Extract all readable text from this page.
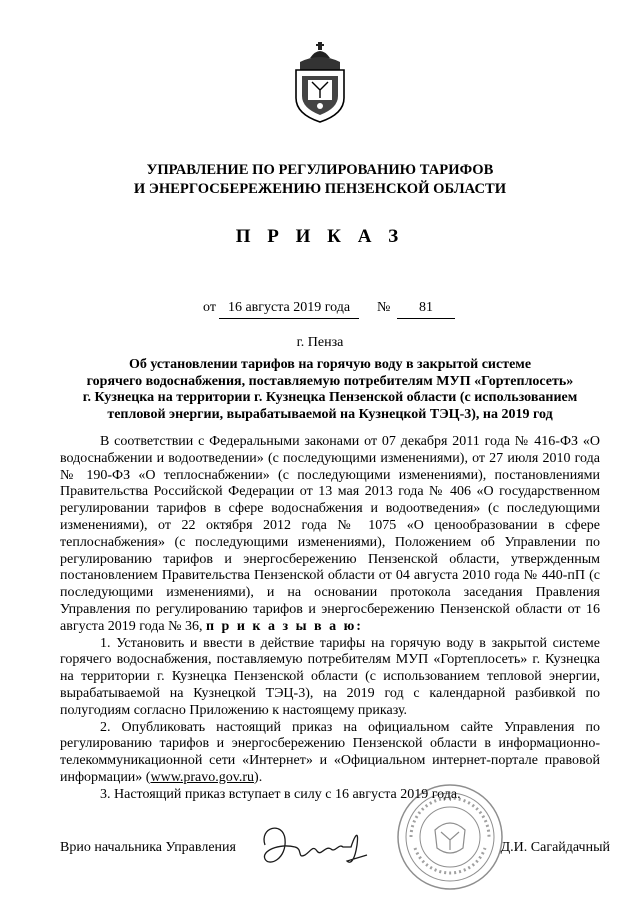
УПРАВЛЕНИЕ ПО РЕГУЛИРОВАНИЮ ТАРИФОВ
И ЭНЕРГОСБЕРЕЖЕНИЮ ПЕНЗЕНСКОЙ ОБЛАСТИ
П Р И К А З
от 16 августа 2019 года	№	81
г. Пенза
Об установлении тарифов на горячую воду в закрытой системе
горячего водоснабжения, поставляемую потребителям МУП «Гортеплосеть»
г. Кузнецка на территории г. Кузнецка Пензенской области (с использованием
тепловой энергии, вырабатываемой на Кузнецкой ТЭЦ-3), на 2019 год

В соответствии с Федеральными законами от 07 декабря 2011 года № 416-ФЗ «О водоснабжении и водоотведении» (с последующими изменениями), от 27 июля 2010 года № 190-ФЗ «О теплоснабжении» (с последующими изменениями), постановлениями Правительства Российской Федерации от 13 мая 2013 года № 406 «О государственном регулировании тарифов в сфере водоснабжения и водоотведения» (с последующими изменениями), от 22 октября 2012 года № 1075 «О ценообразовании в сфере теплоснабжения» (с последующими изменениями), Положением об Управлении по регулированию тарифов и энергосбережению Пензенской области, утвержденным постановлением Правительства Пензенской области от 04 августа 2010 года № 440-пП (с последующими изменениями), и на основании протокола заседания Правления Управления по регулированию тарифов и энергосбережению Пензенской области от 16 августа 2019 года № 36, п р и к а з ы в а ю:

1. Установить и ввести в действие тарифы на горячую воду в закрытой системе горячего водоснабжения, поставляемую потребителям МУП «Гортеплосеть» г. Кузнецка на территории г. Кузнецка Пензенской области (с использованием тепловой энергии, вырабатываемой на Кузнецкой ТЭЦ-3), на 2019 год с календарной разбивкой по полугодиям согласно Приложению к настоящему приказу.

2. Опубликовать настоящий приказ на официальном сайте Управления по регулированию тарифов и энергосбережению Пензенской области в информационно-телекоммуникационной сети «Интернет» и «Официальном интернет-портале правовой информации» (www.pravo.gov.ru).

3. Настоящий приказ вступает в силу с 16 августа 2019 года.

Врио начальника Управления	Д.И. Сагайдачный
